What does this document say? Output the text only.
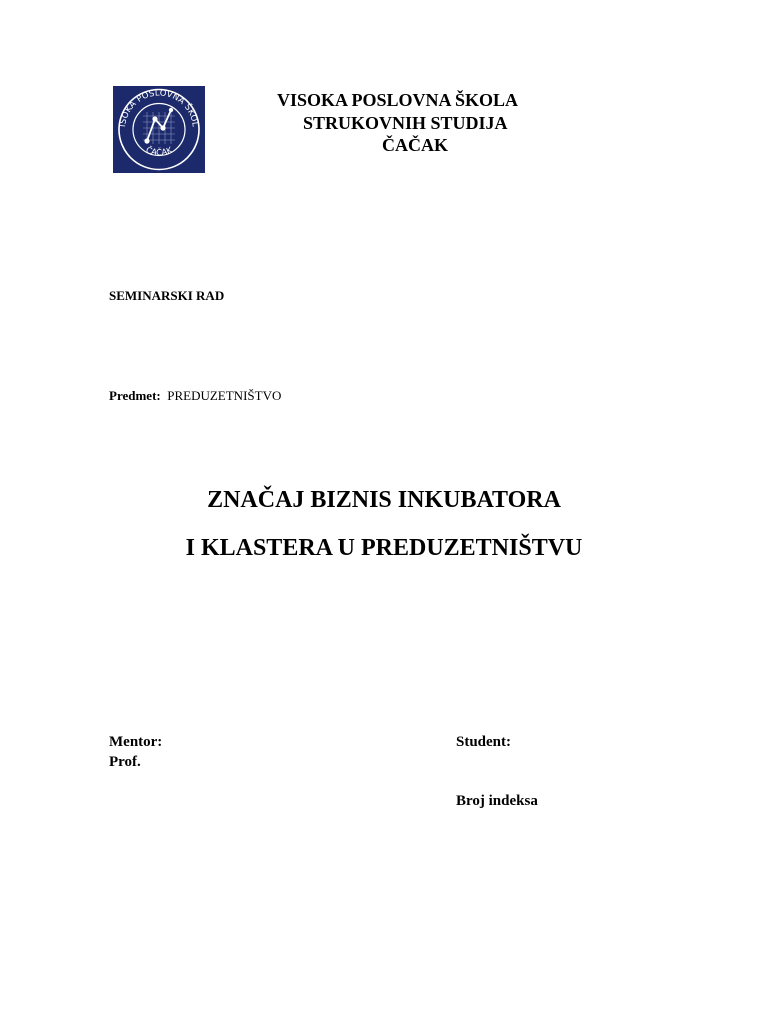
ISOKA POSLOVNA ŠKOL
ČAČAK
VISOKA POSLOVNA ŠKOLA
STRUKOVNIH STUDIJA
ČAČAK
SEMINARSKI RAD
Predmet: PREDUZETNIŠTVO
ZNAČAJ BIZNIS INKUBATORA
I KLASTERA U PREDUZETNIŠTVU
Mentor:
Prof.
Student:
Broj indeksa
